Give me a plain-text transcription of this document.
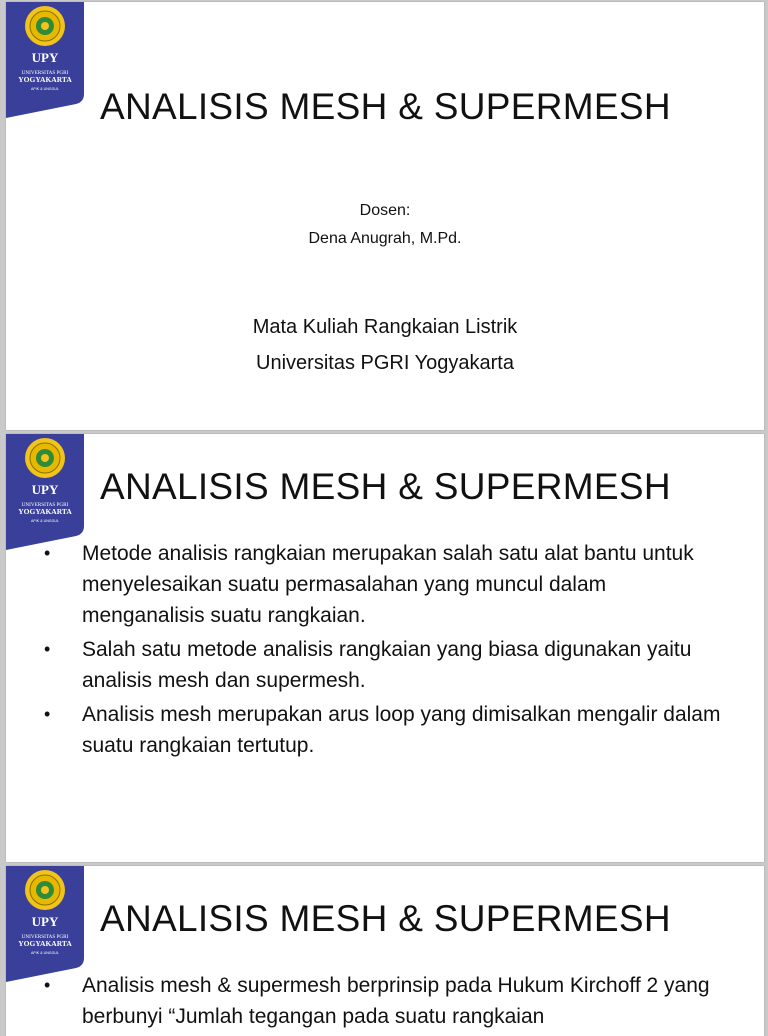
UPY
UNIVERSITAS PGRI
YOGYAKARTA
APIK & UNGGUL ANALISIS MESH & SUPERMESH
Dosen:
Dena Anugrah, M.Pd.
Mata Kuliah Rangkaian Listrik
Universitas PGRI Yogyakarta
UPY
UNIVERSITAS PGRI
YOGYAKARTA
APIK & UNGGUL
ANALISIS MESH & SUPERMESH
• Metode analisis rangkaian merupakan salah satu alat bantu untuk menyelesaikan suatu permasalahan yang muncul dalam menganalisis suatu rangkaian.
• Salah satu metode analisis rangkaian yang biasa digunakan yaitu analisis mesh dan supermesh.
• Analisis mesh merupakan arus loop yang dimisalkan mengalir dalam suatu rangkaian tertutup.
UPY
UNIVERSITAS PGRI
YOGYAKARTA
APIK & UNGGUL
ANALISIS MESH & SUPERMESH
• Analisis mesh & supermesh berprinsip pada Hukum Kirchoff 2 yang berbunyi “Jumlah tegangan pada suatu rangkaian
